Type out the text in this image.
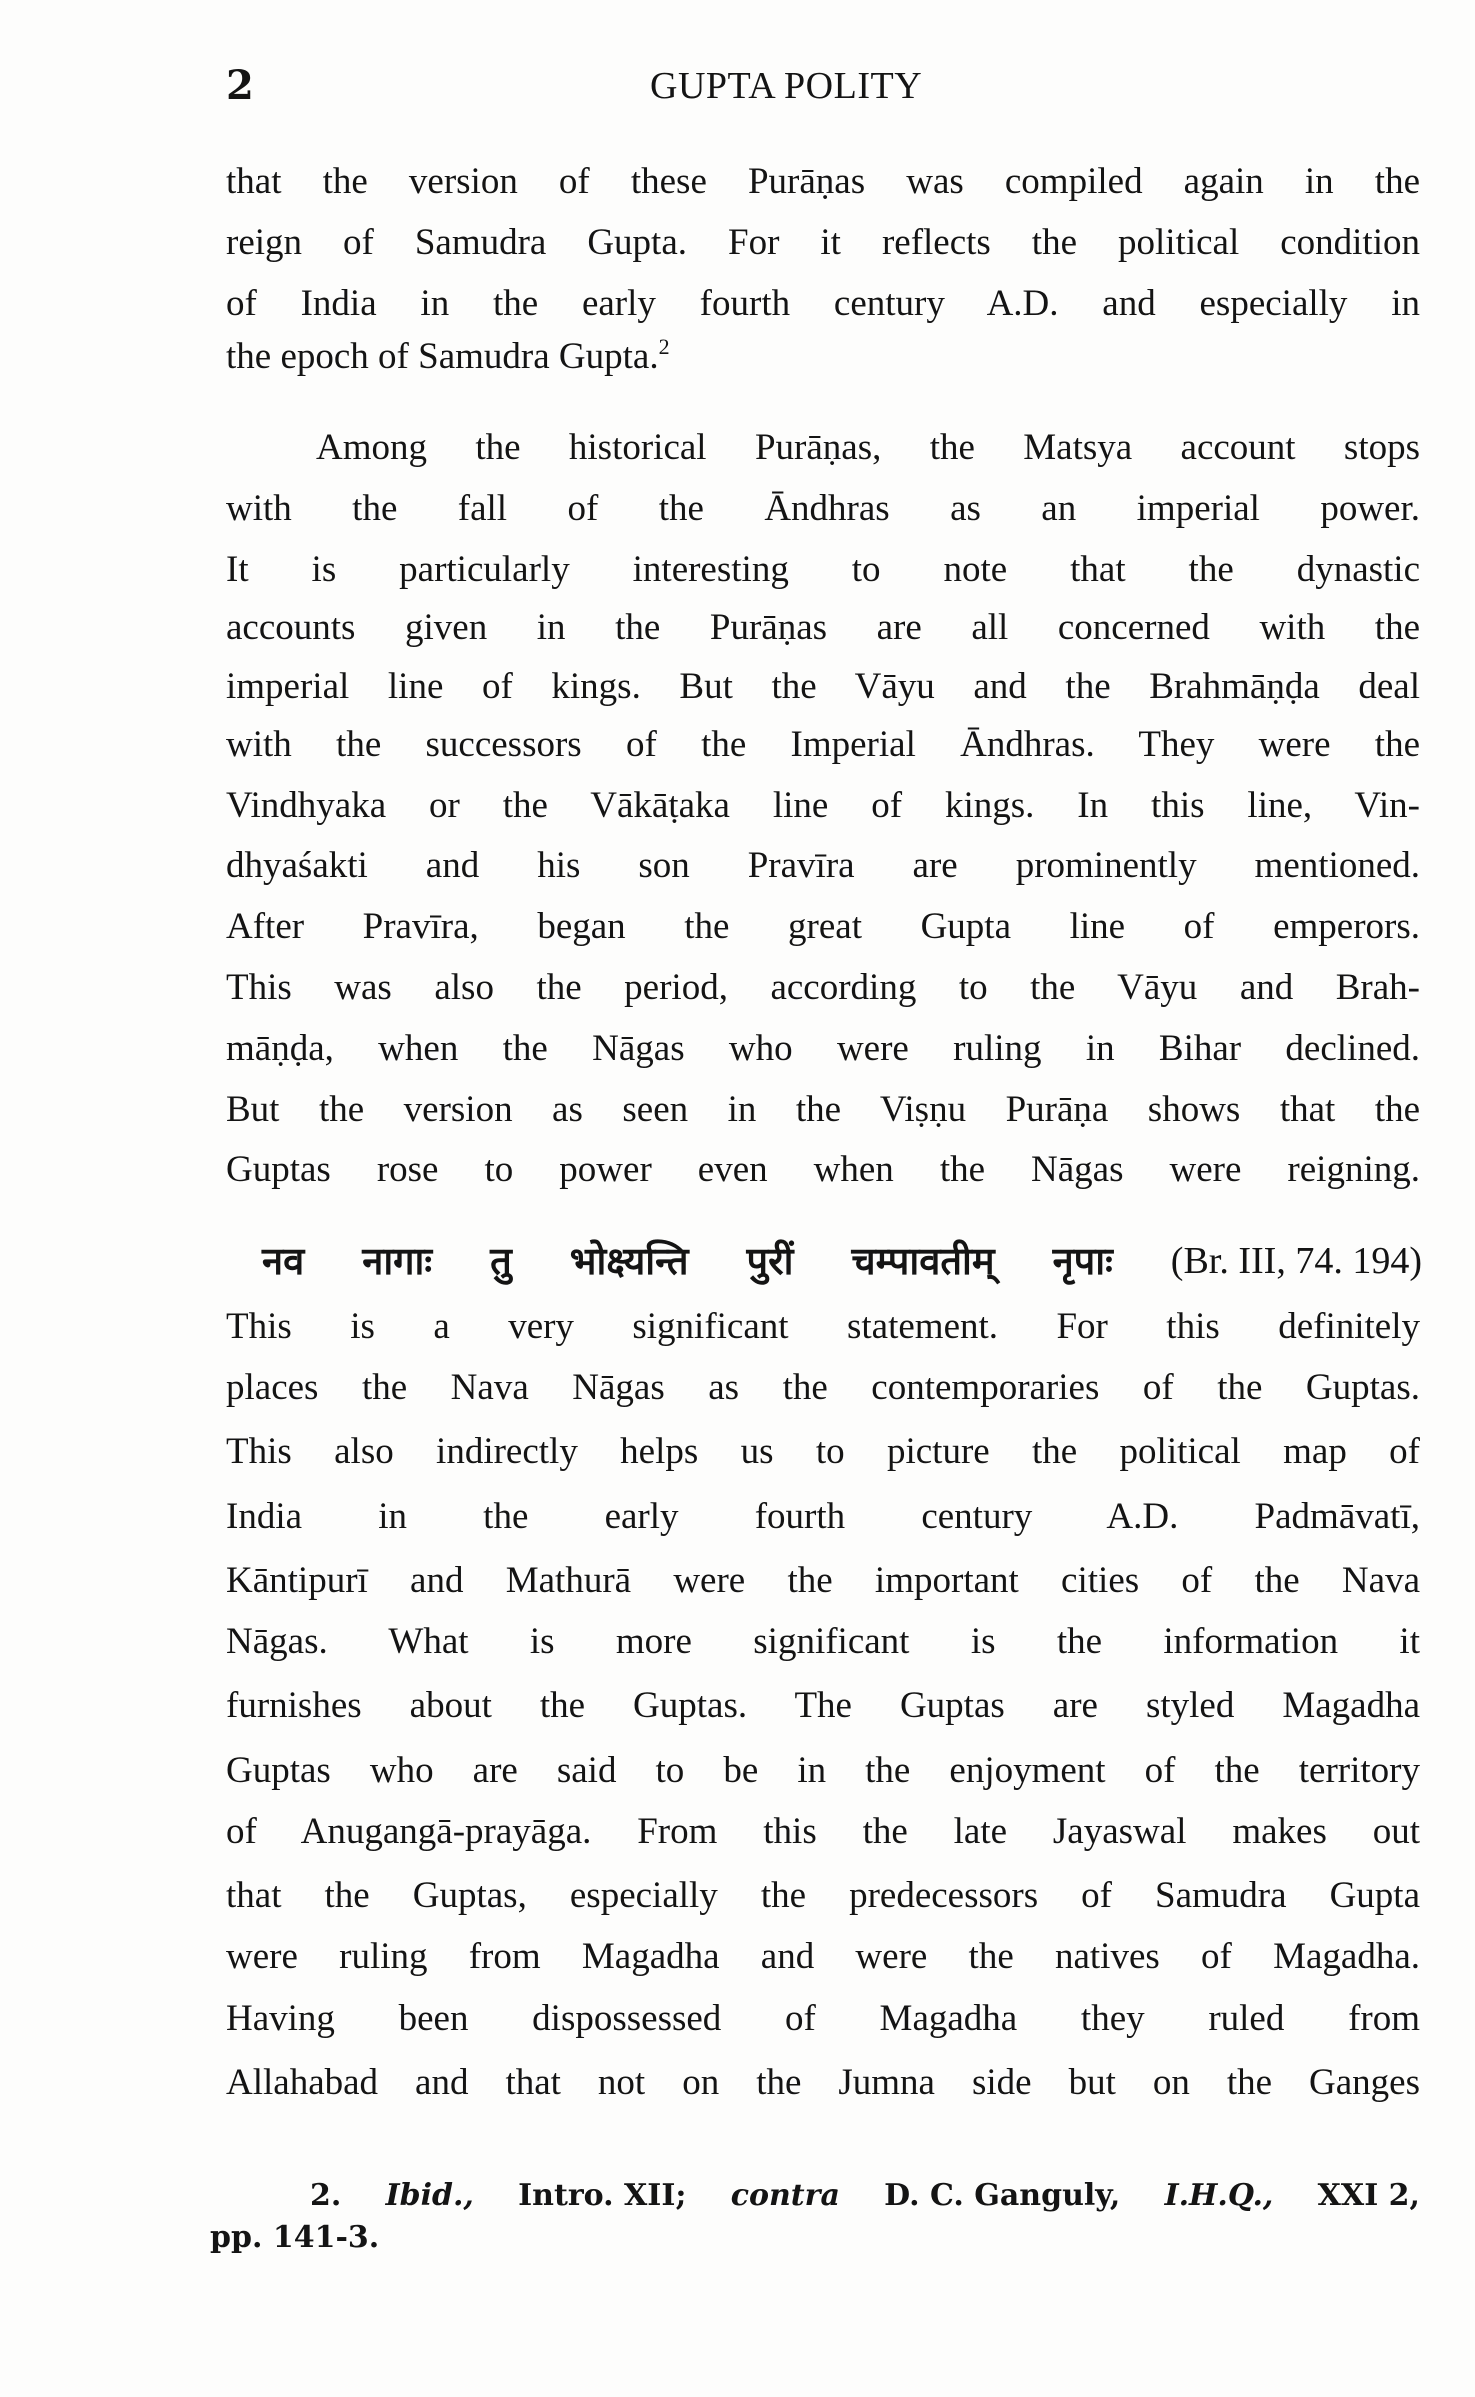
2	GUPTA POLITY
that the version of these Purāṇas was compiled again in the
reign of Samudra Gupta. For it reflects the political condition
of India in the early fourth century A.D. and especially in
the epoch of Samudra Gupta.$^2$
Among the historical Purāṇas, the Matsya account stops
with the fall of the Āndhras as an imperial power.
It is particularly interesting to note that the dynastic
accounts given in the Purāṇas are all concerned with the
imperial line of kings. But the Vāyu and the Brahmāṇḍa deal
with the successors of the Imperial Āndhras. They were the
Vindhyaka or the Vākāṭaka line of kings. In this line, Vin-
dhyaśakti and his son Pravīra are prominently mentioned.
After Pravīra, began the great Gupta line of emperors.
This was also the period, according to the Vāyu and Brah-
māṇḍa, when the Nāgas who were ruling in Bihar declined.
But the version as seen in the Viṣṇu Purāṇa shows that the
Guptas rose to power even when the Nāgas were reigning.
नव नागाः तु भोक्ष्यन्ति पुरीं चम्पावतीम् नृपाः (Br. III, 74. 194)
This is a very significant statement. For this definitely
places the Nava Nāgas as the contemporaries of the Guptas.
This also indirectly helps us to picture the political map of
India in the early fourth century A.D. Padmāvatī,
Kāntipurī and Mathurā were the important cities of the Nava
Nāgas. What is more significant is the information it
furnishes about the Guptas. The Guptas are styled Magadha
Guptas who are said to be in the enjoyment of the territory
of Anugangā-prayāga. From this the late Jayaswal makes out
that the Guptas, especially the predecessors of Samudra Gupta
were ruling from Magadha and were the natives of Magadha.
Having been dispossessed of Magadha they ruled from
Allahabad and that not on the Jumna side but on the Ganges
2. Ibid., Intro. XII; contra D. C. Ganguly, I.H.Q., XXI 2,
pp. 141-3.
